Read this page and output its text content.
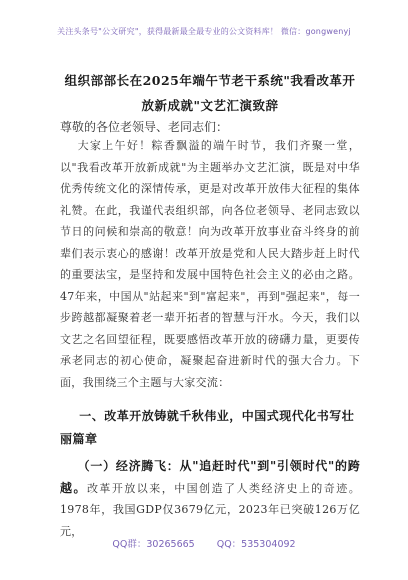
关注头条号"公文研究"，获得最新最全最专业的公文资料库！ 微信：gongwenyj
组织部部长在2025年端午节老干系统"我看改革开放新成就"文艺汇演致辞
尊敬的各位老领导、老同志们：
大家上午好！粽香飘溢的端午时节，我们齐聚一堂，以"我看改革开放新成就"为主题举办文艺汇演，既是对中华优秀传统文化的深情传承，更是对改革开放伟大征程的集体礼赞。在此，我谨代表组织部，向各位老领导、老同志致以节日的问候和崇高的敬意！向为改革开放事业奋斗终身的前辈们表示衷心的感谢！改革开放是党和人民大踏步赶上时代的重要法宝，是坚持和发展中国特色社会主义的必由之路。47年来，中国从"站起来"到"富起来"，再到"强起来"，每一步跨越都凝聚着老一辈开拓者的智慧与汗水。今天，我们以文艺之名回望征程，既要感悟改革开放的磅礴力量，更要传承老同志的初心使命，凝聚起奋进新时代的强大合力。下面，我围绕三个主题与大家交流：
一、改革开放铸就千秋伟业，中国式现代化书写壮丽篇章
（一）经济腾飞：从"追赶时代"到"引领时代"的跨越。改革开放以来，中国创造了人类经济史上的奇迹。1978年，我国GDP仅3679亿元，2023年已突破126万亿元，
QQ群：30265665 QQ：535304092
